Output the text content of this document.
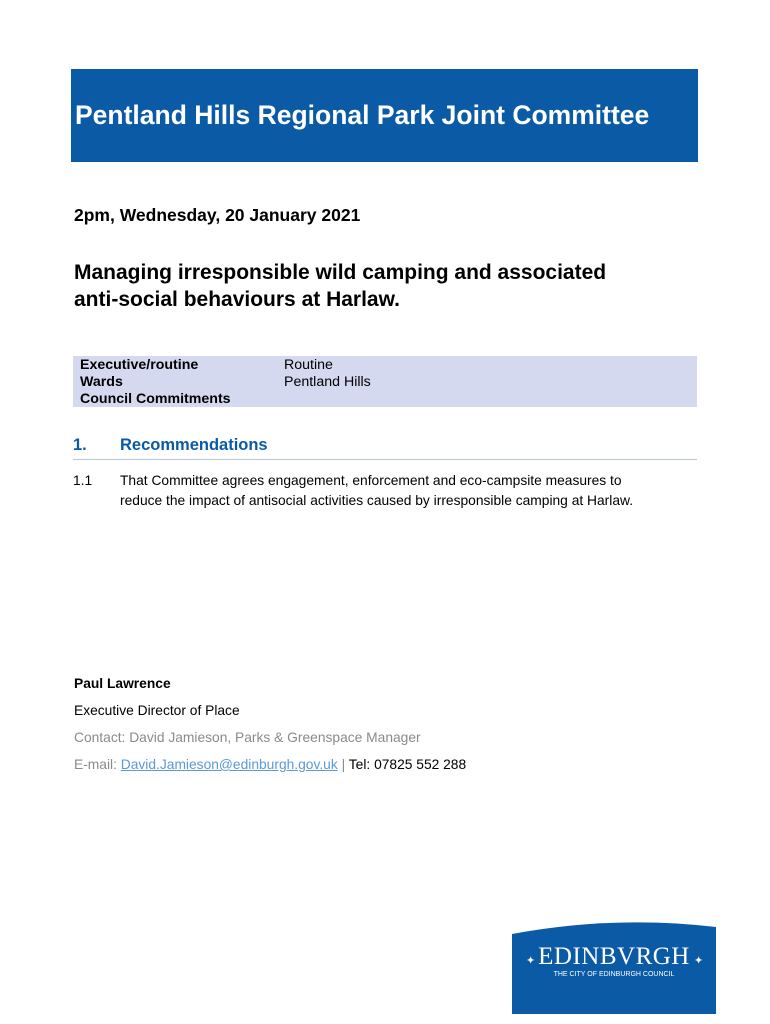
Pentland Hills Regional Park Joint Committee
2pm, Wednesday, 20 January 2021
Managing irresponsible wild camping and associated
anti-social behaviours at Harlaw.
Executive/routine
Wards
Council Commitments
Routine
Pentland Hills
1. Recommendations
1.1 That Committee agrees engagement, enforcement and eco-campsite measures to
reduce the impact of antisocial activities caused by irresponsible camping at Harlaw.
Paul Lawrence
Executive Director of Place
Contact: David Jamieson, Parks & Greenspace Manager
E-mail: David.Jamieson@edinburgh.gov.uk | Tel: 07825 552 288
✦ EDINBVRGH ✦
THE CITY OF EDINBURGH COUNCIL
